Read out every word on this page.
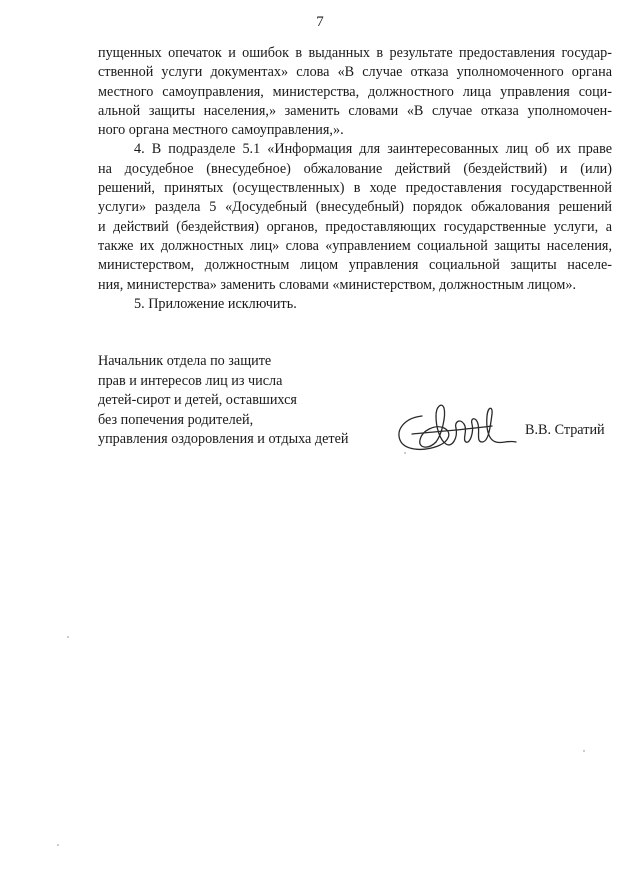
7
пущенных опечаток и ошибок в выданных в результате предоставления государ-
ственной услуги документах» слова «В случае отказа уполномоченного органа
местного самоуправления, министерства, должностного лица управления соци-
альной защиты населения,» заменить словами «В случае отказа уполномочен-
ного органа местного самоуправления,».
4. В подразделе 5.1 «Информация для заинтересованных лиц об их праве
на досудебное (внесудебное) обжалование действий (бездействий) и (или)
решений, принятых (осуществленных) в ходе предоставления государственной
услуги» раздела 5 «Досудебный (внесудебный) порядок обжалования решений
и действий (бездействия) органов, предоставляющих государственные услуги, а
также их должностных лиц» слова «управлением социальной защиты населения,
министерством, должностным лицом управления социальной защиты населе-
ния, министерства» заменить словами «министерством, должностным лицом».
5. Приложение исключить.
Начальник отдела по защите
прав и интересов лиц из числа
детей-сирот и детей, оставшихся
без попечения родителей,
управления оздоровления и отдыха детей
В.В. Стратий
